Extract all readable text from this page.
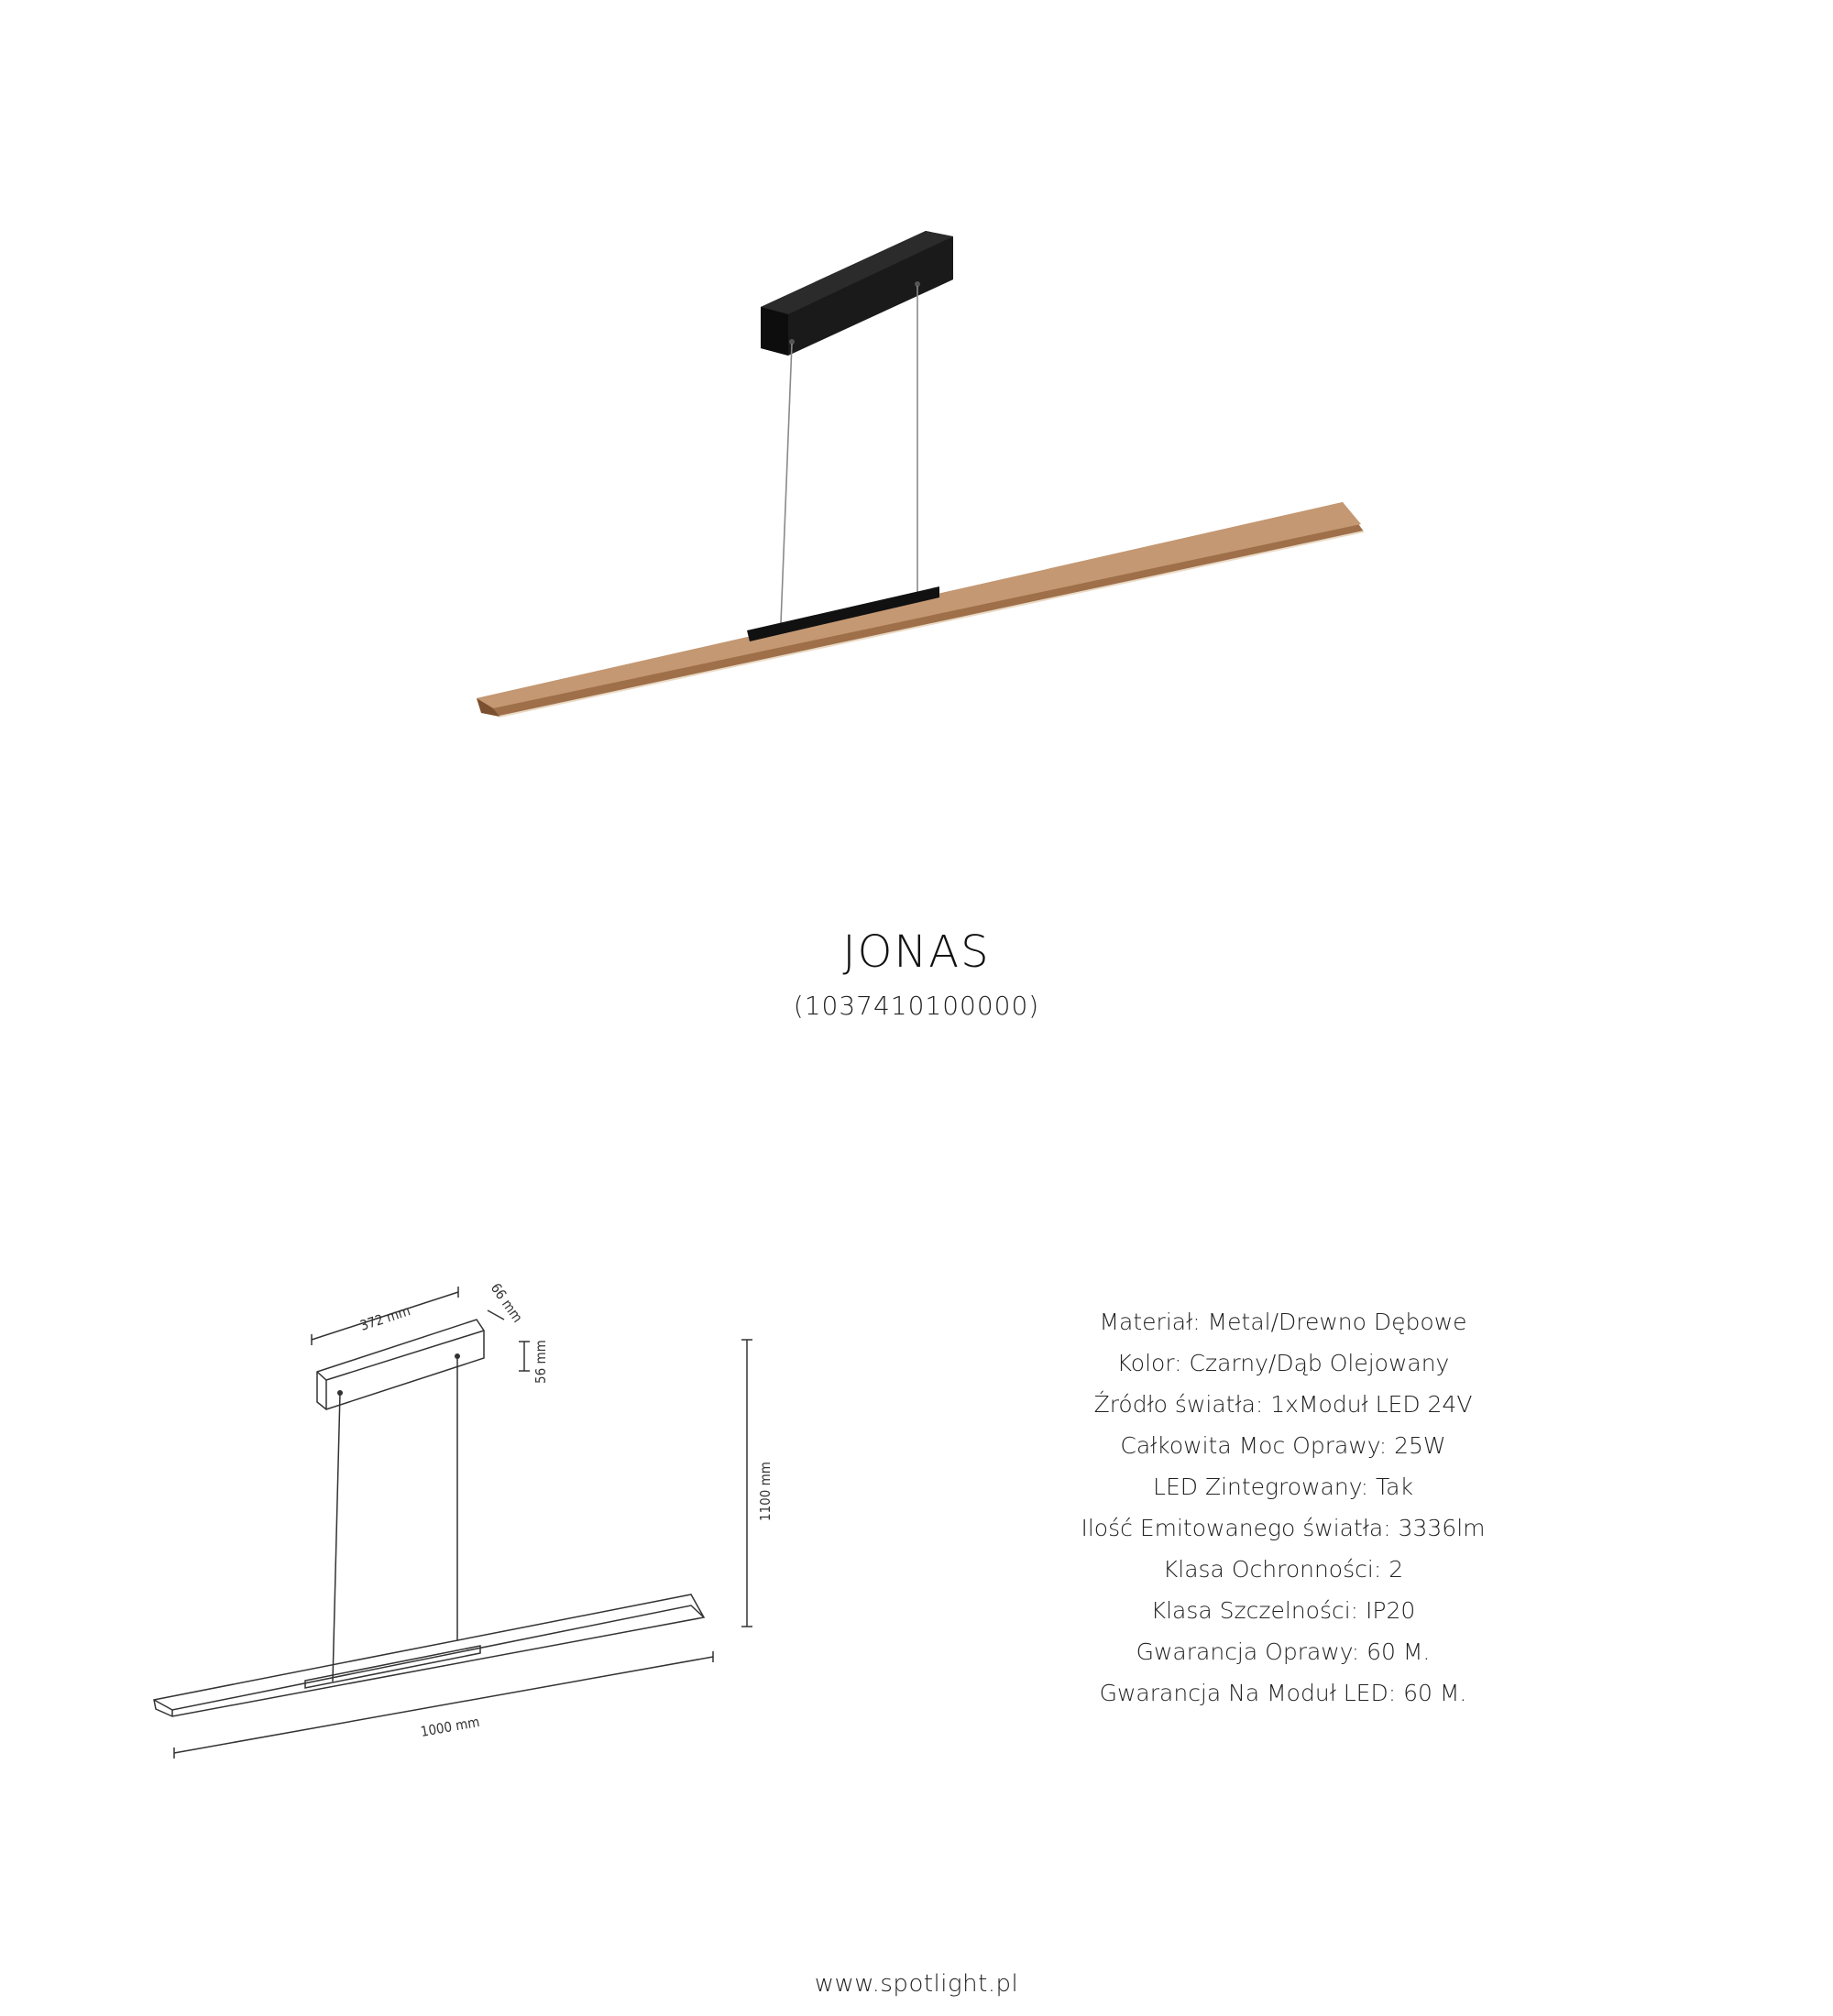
JONAS
(1037410100000)
372 mm	66 mm
56 mm
1100 mm
1000 mm
Materiał: Metal/Drewno Dębowe
Kolor: Czarny/Dąb Olejowany
Źródło światła: 1xModuł LED 24V
Całkowita Moc Oprawy: 25W
LED Zintegrowany: Tak
Ilość Emitowanego światła: 3336lm
Klasa Ochronności: 2
Klasa Szczelności: IP20
Gwarancja Oprawy: 60 M.
Gwarancja Na Moduł LED: 60 M.
www.spotlight.pl
